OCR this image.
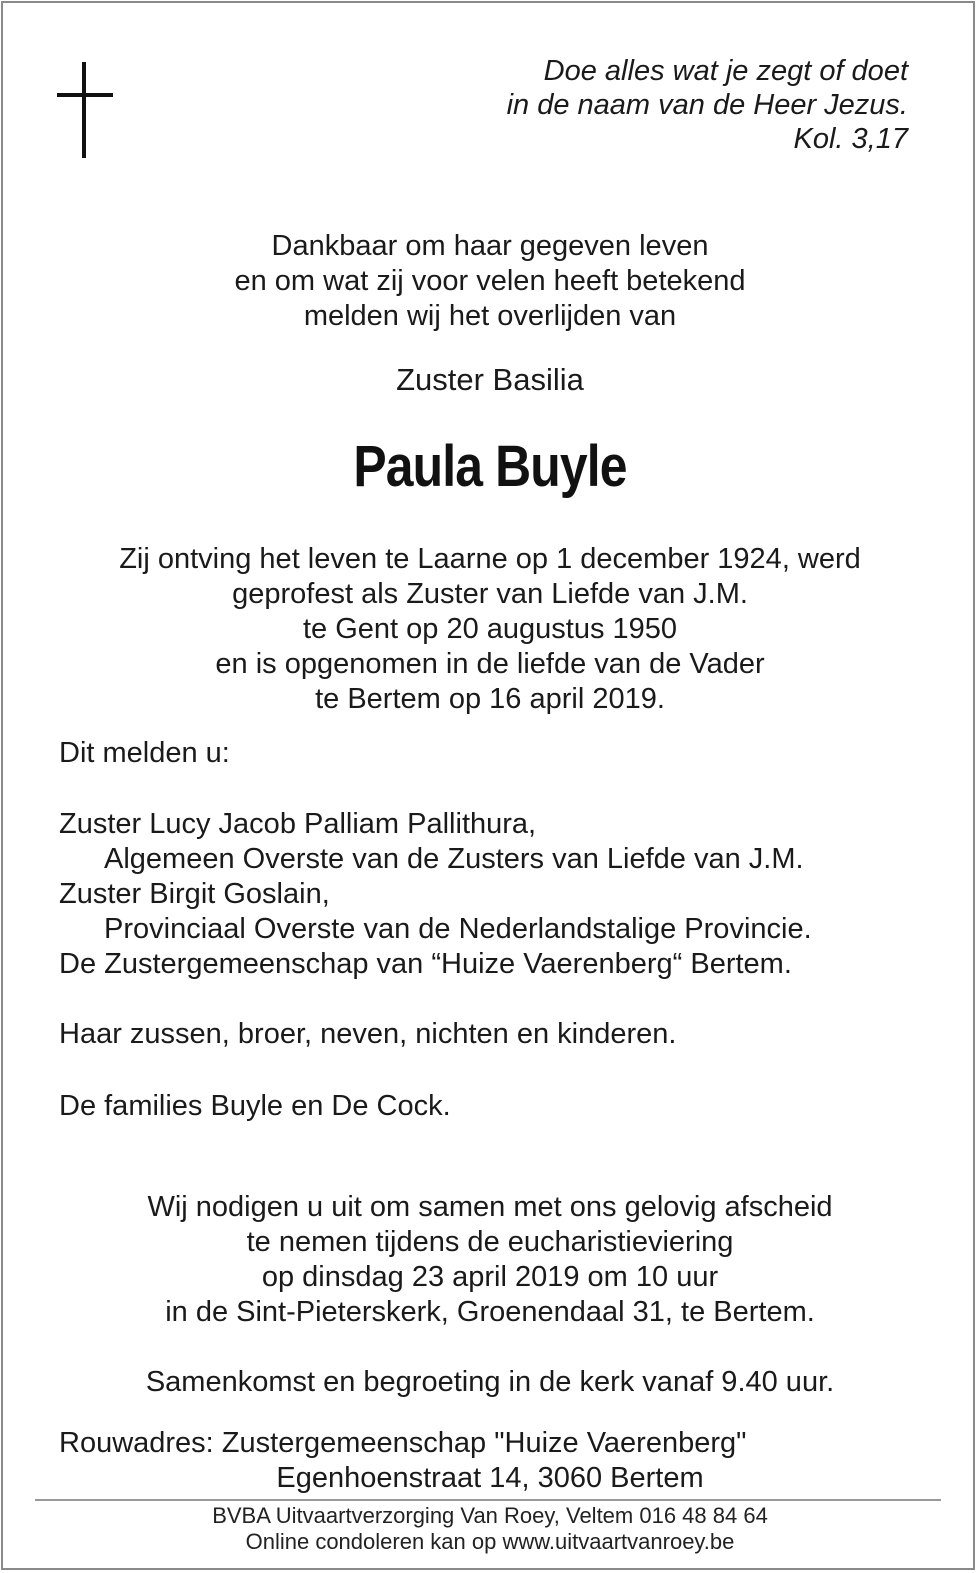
Doe alles wat je zegt of doet
in de naam van de Heer Jezus.
Kol. 3,17
Dankbaar om haar gegeven leven
en om wat zij voor velen heeft betekend
melden wij het overlijden van
Zuster Basilia
Paula Buyle
Zij ontving het leven te Laarne op 1 december 1924, werd
geprofest als Zuster van Liefde van J.M.
te Gent op 20 augustus 1950
en is opgenomen in de liefde van de Vader
te Bertem op 16 april 2019.
Dit melden u:
Zuster Lucy Jacob Palliam Pallithura,
Algemeen Overste van de Zusters van Liefde van J.M.
Zuster Birgit Goslain,
Provinciaal Overste van de Nederlandstalige Provincie.
De Zustergemeenschap van “Huize Vaerenberg“ Bertem.
Haar zussen, broer, neven, nichten en kinderen.
De families Buyle en De Cock.
Wij nodigen u uit om samen met ons gelovig afscheid
te nemen tijdens de eucharistieviering
op dinsdag 23 april 2019 om 10 uur
in de Sint-Pieterskerk, Groenendaal 31, te Bertem.
Samenkomst en begroeting in de kerk vanaf 9.40 uur.
Rouwadres: Zustergemeenschap "Huize Vaerenberg"
Egenhoenstraat 14, 3060 Bertem
BVBA Uitvaartverzorging Van Roey, Veltem 016 48 84 64
Online condoleren kan op www.uitvaartvanroey.be
